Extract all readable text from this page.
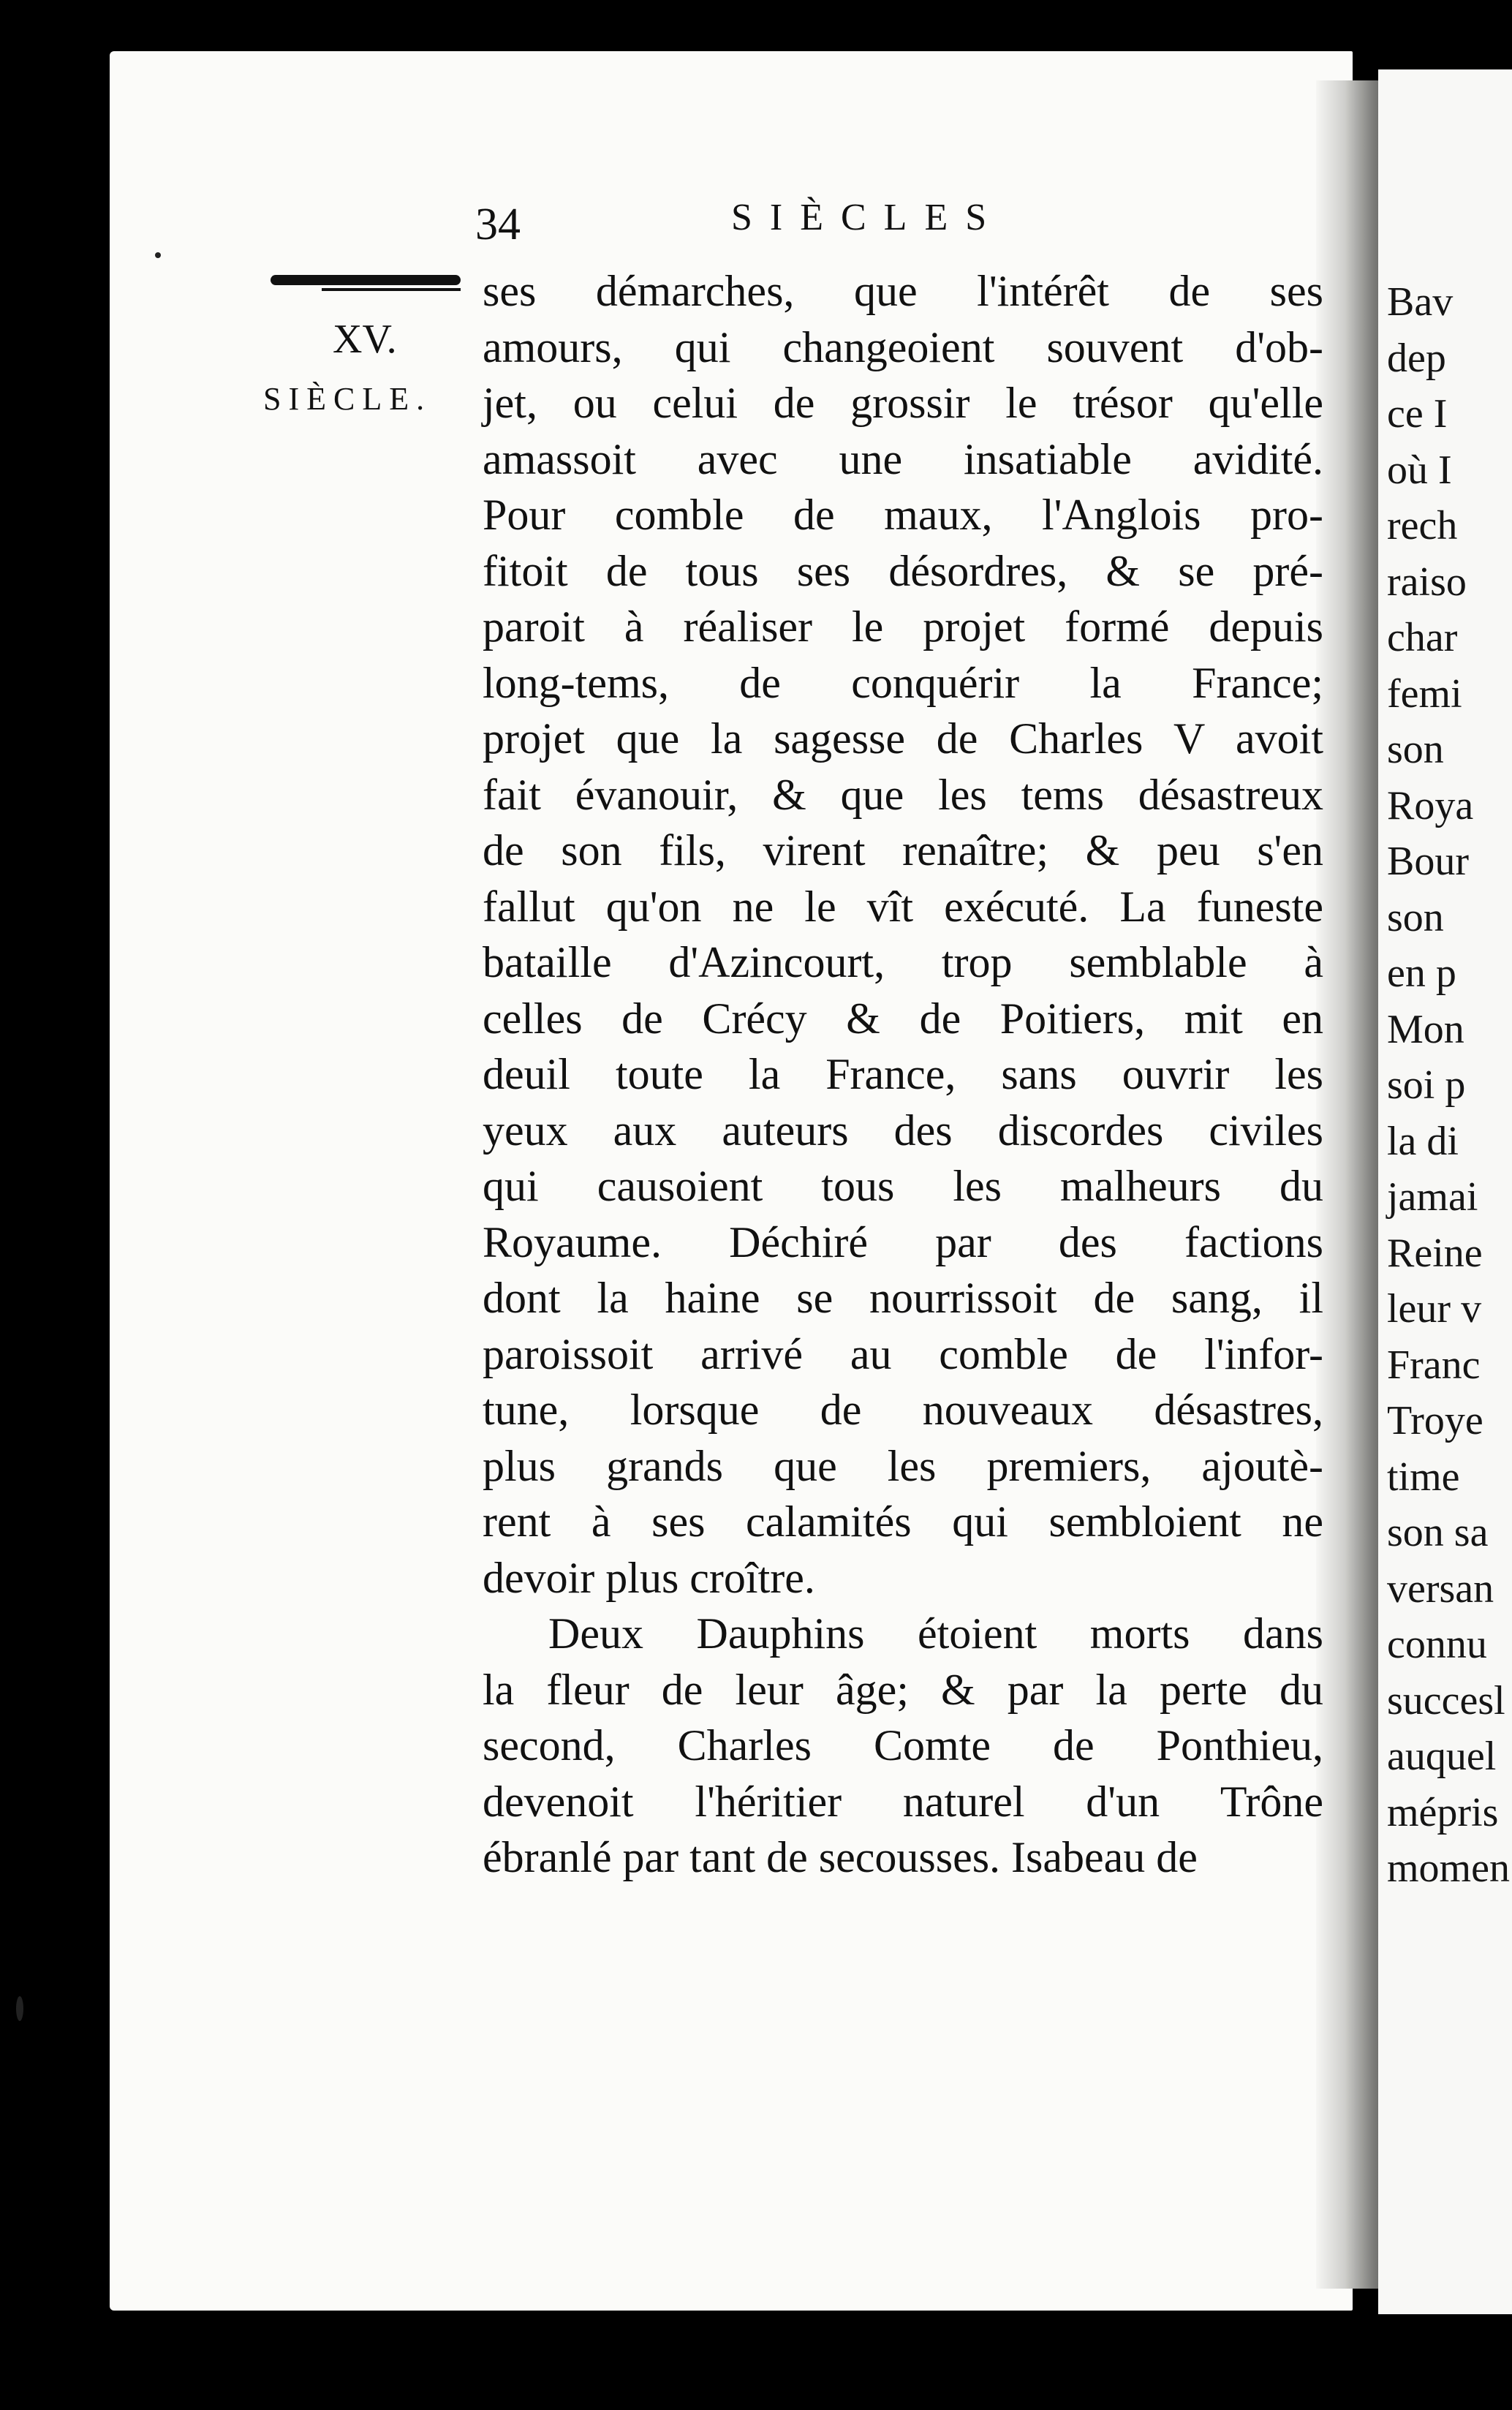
Bav
dep
ce I
où I
rech
raiso
char
femi
son
Roya
Bour
son
en p
Mon
soi p
la di
jamai
Reine
leur v
Franc
Troye
time
son sa
versan
connu
succesl
auquel
mépris
momen
34	SIÈCLES
XV.
SIÈCLE.
ses démarches, que l'intérêt de ses
amours, qui changeoient souvent d'ob-
jet, ou celui de grossir le trésor qu'elle
amassoit avec une insatiable avidité.
Pour comble de maux, l'Anglois pro-
fitoit de tous ses désordres, & se pré-
paroit à réaliser le projet formé depuis
long-tems, de conquérir la France;
projet que la sagesse de Charles V avoit
fait évanouir, & que les tems désastreux
de son fils, virent renaître; & peu s'en
fallut qu'on ne le vît exécuté. La funeste
bataille d'Azincourt, trop semblable à
celles de Crécy & de Poitiers, mit en
deuil toute la France, sans ouvrir les
yeux aux auteurs des discordes civiles
qui causoient tous les malheurs du
Royaume. Déchiré par des factions
dont la haine se nourrissoit de sang, il
paroissoit arrivé au comble de l'infor-
tune, lorsque de nouveaux désastres,
plus grands que les premiers, ajoutè-
rent à ses calamités qui sembloient ne
devoir plus croître.
Deux Dauphins étoient morts dans
la fleur de leur âge; & par la perte du
second, Charles Comte de Ponthieu,
devenoit l'héritier naturel d'un Trône
ébranlé par tant de secousses. Isabeau de
